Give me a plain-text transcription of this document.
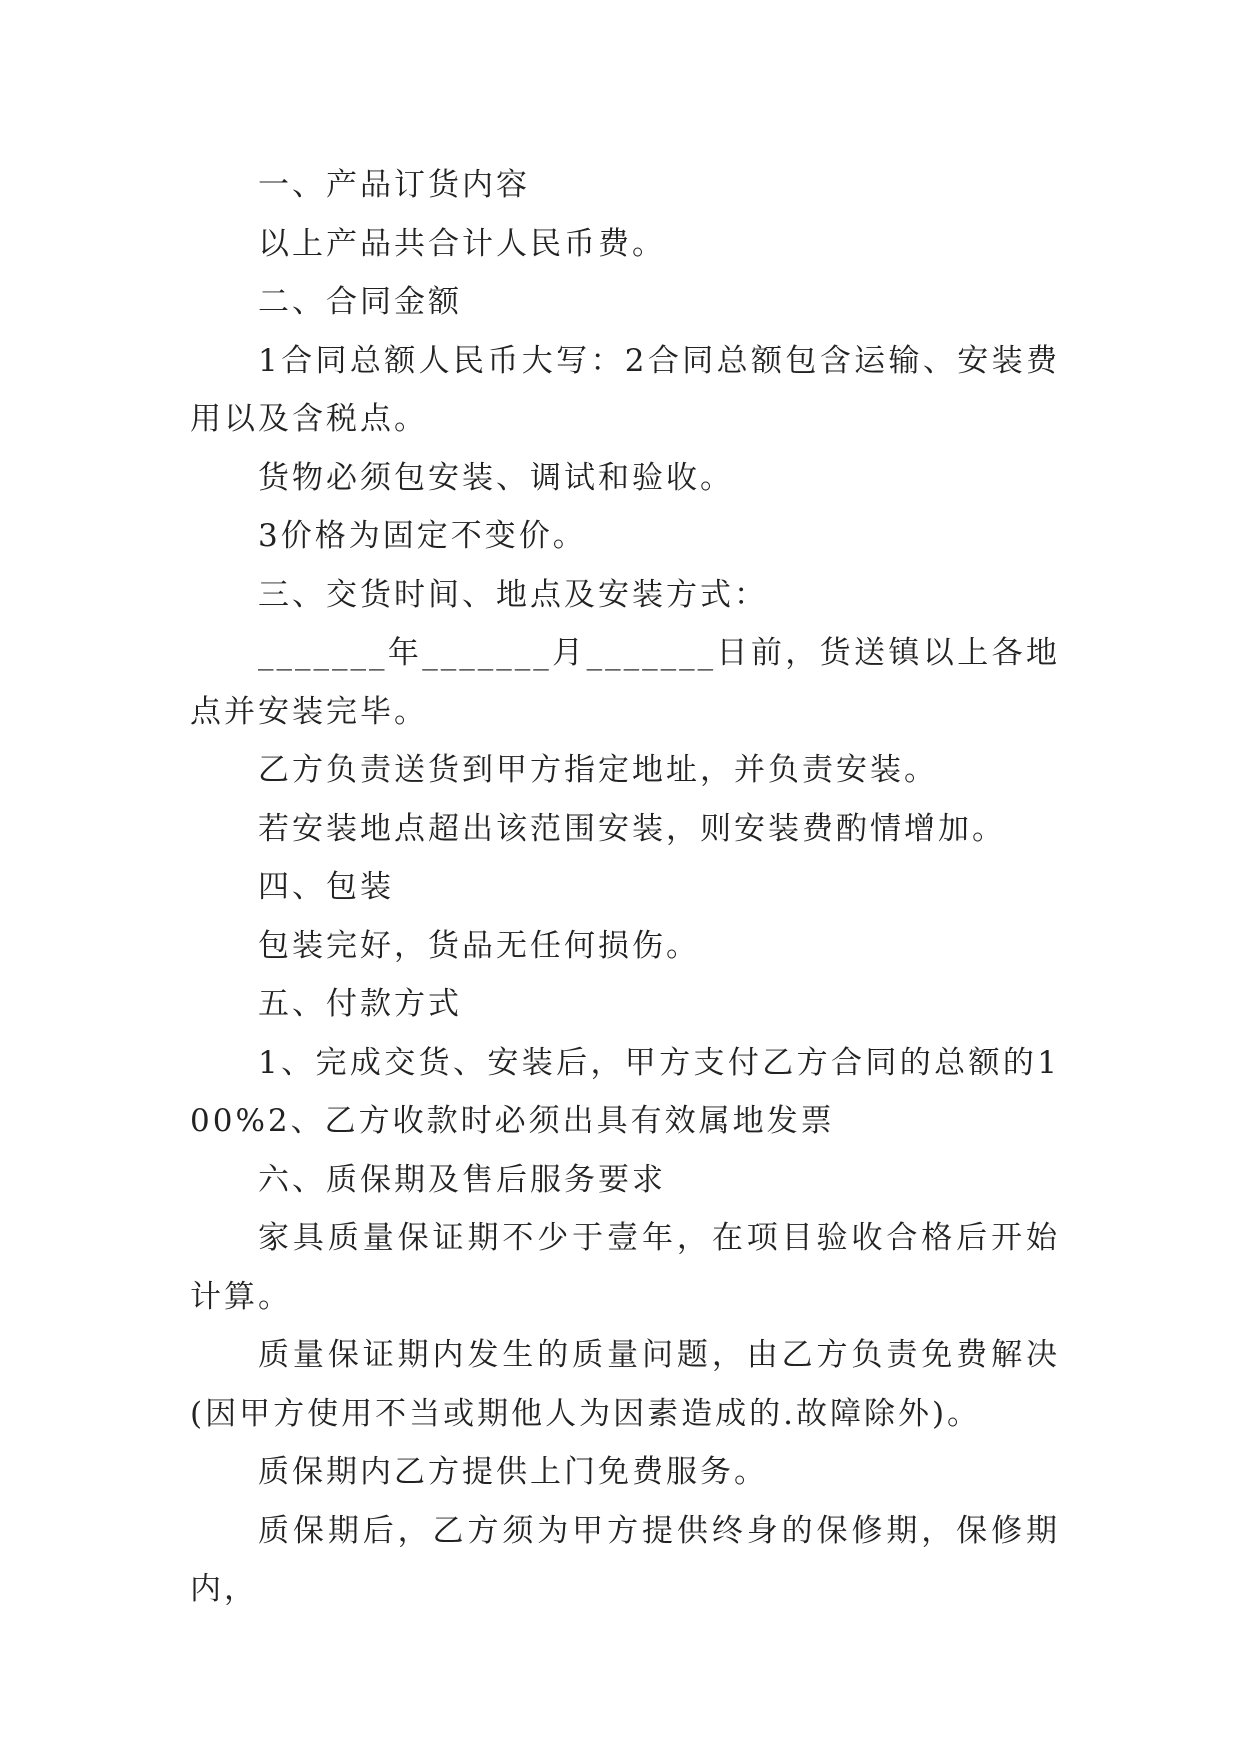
一、产品订货内容

以上产品共合计人民币费。

二、合同金额

1合同总额人民币大写：2合同总额包含运输、安装费用以及含税点。

货物必须包安装、调试和验收。

3价格为固定不变价。

三、交货时间、地点及安装方式：

_______年_______月_______日前，货送镇以上各地点并安装完毕。

乙方负责送货到甲方指定地址，并负责安装。

若安装地点超出该范围安装，则安装费酌情增加。

四、包装

包装完好，货品无任何损伤。

五、付款方式

1、完成交货、安装后，甲方支付乙方合同的总额的100%2、乙方收款时必须出具有效属地发票

六、质保期及售后服务要求

家具质量保证期不少于壹年，在项目验收合格后开始计算。

质量保证期内发生的质量问题，由乙方负责免费解决(因甲方使用不当或期他人为因素造成的.故障除外)。

质保期内乙方提供上门免费服务。

质保期后，乙方须为甲方提供终身的保修期，保修期内，
